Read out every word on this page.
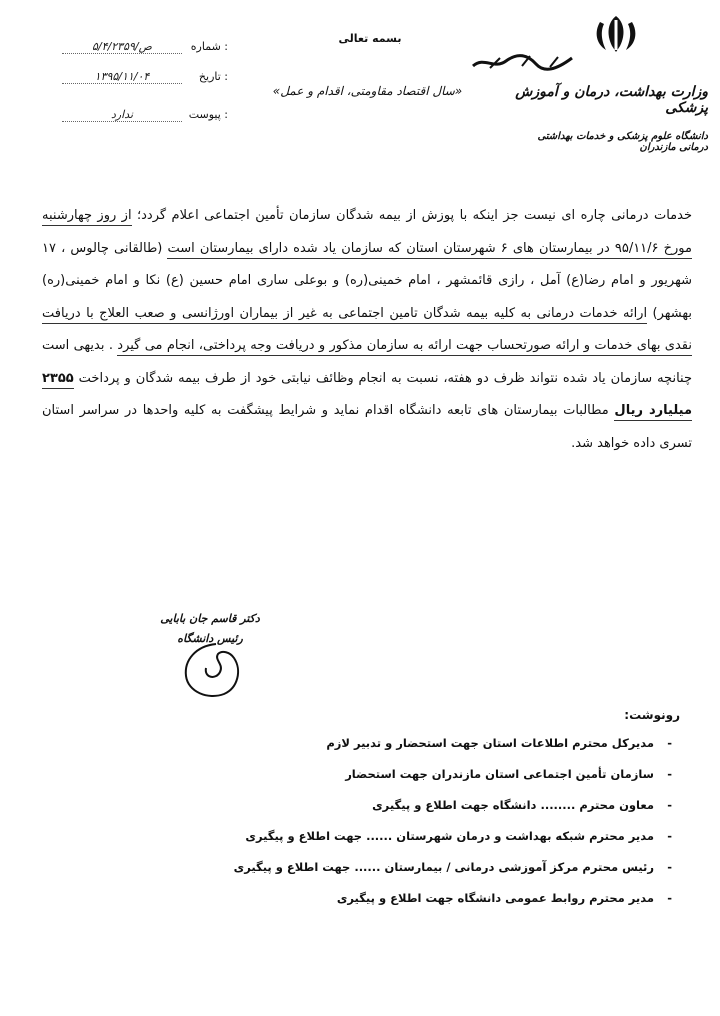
بسمه تعالی
«سال اقتصاد مقاومتی، اقدام و عمل»	وزارت بهداشت، درمان و آموزش پزشکی
دانشگاه علوم پزشکی و خدمات بهداشتی درمانی مازندران
شماره :
۵/۴/۲۳۵۹/ص
تاریخ :
۱۳۹۵/۱۱/۰۴
پیوست :
ندارد
خدمات درمانی چاره ای نیست جز اینکه با پوزش از بیمه شدگان سازمان تأمین اجتماعی اعلام گردد؛ از روز چهارشنبه مورخ ۹۵/۱۱/۶ در بیمارستان های ۶ شهرستان استان که سازمان یاد شده دارای بیمارستان است (طالقانی چالوس ، ۱۷ شهریور و امام رضا(ع) آمل ، رازی قائمشهر ، امام خمینی(ره) و بوعلی ساری امام حسین (ع) نکا و امام خمینی(ره) بهشهر) ارائه خدمات درمانی به کلیه بیمه شدگان تامین اجتماعی به غیر از بیماران اورژانسی و صعب العلاج با دریافت نقدی بهای خدمات و ارائه صورتحساب جهت ارائه به سازمان مذکور و دریافت وجه پرداختی، انجام می گیرد . بدیهی است چنانچه سازمان یاد شده نتواند ظرف دو هفته، نسبت به انجام وظائف نیابتی خود از طرف بیمه شدگان و پرداخت ۲۳۵۵ میلیارد ریال مطالبات بیمارستان های تابعه دانشگاه اقدام نماید و شرایط پیشگفت به کلیه واحدها در سراسر استان تسری داده خواهد شد.
دکتر قاسم جان بابایی
رئیس دانشگاه
رونوشت:
- مدیرکل محترم اطلاعات استان جهت استحضار و تدبیر لازم
- سازمان تأمین اجتماعی استان مازندران جهت استحضار
- معاون محترم ........ دانشگاه جهت اطلاع و پیگیری
- مدیر محترم شبکه بهداشت و درمان شهرستان ...... جهت اطلاع و پیگیری
- رئیس محترم مرکز آموزشی درمانی / بیمارستان ...... جهت اطلاع و پیگیری
- مدیر محترم روابط عمومی دانشگاه جهت اطلاع و پیگیری
